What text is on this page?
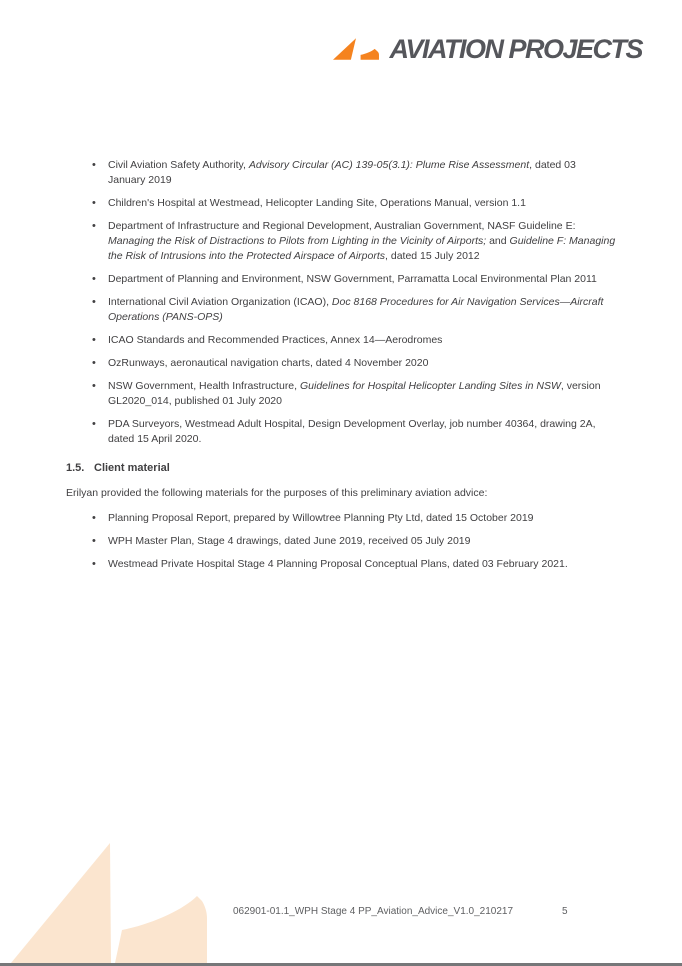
AVIATION PROJECTS
• Civil Aviation Safety Authority, Advisory Circular (AC) 139-05(3.1): Plume Rise Assessment, dated 03 January 2019
• Children's Hospital at Westmead, Helicopter Landing Site, Operations Manual, version 1.1
• Department of Infrastructure and Regional Development, Australian Government, NASF Guideline E: Managing the Risk of Distractions to Pilots from Lighting in the Vicinity of Airports; and Guideline F: Managing the Risk of Intrusions into the Protected Airspace of Airports, dated 15 July 2012
• Department of Planning and Environment, NSW Government, Parramatta Local Environmental Plan 2011
• International Civil Aviation Organization (ICAO), Doc 8168 Procedures for Air Navigation Services—Aircraft Operations (PANS-OPS)
• ICAO Standards and Recommended Practices, Annex 14—Aerodromes
• OzRunways, aeronautical navigation charts, dated 4 November 2020
• NSW Government, Health Infrastructure, Guidelines for Hospital Helicopter Landing Sites in NSW, version GL2020_014, published 01 July 2020
• PDA Surveyors, Westmead Adult Hospital, Design Development Overlay, job number 40364, drawing 2A, dated 15 April 2020.
1.5. Client material

Erilyan provided the following materials for the purposes of this preliminary aviation advice:

• Planning Proposal Report, prepared by Willowtree Planning Pty Ltd, dated 15 October 2019
• WPH Master Plan, Stage 4 drawings, dated June 2019, received 05 July 2019
• Westmead Private Hospital Stage 4 Planning Proposal Conceptual Plans, dated 03 February 2021.
062901-01.1_WPH Stage 4 PP_Aviation_Advice_V1.0_210217	5
